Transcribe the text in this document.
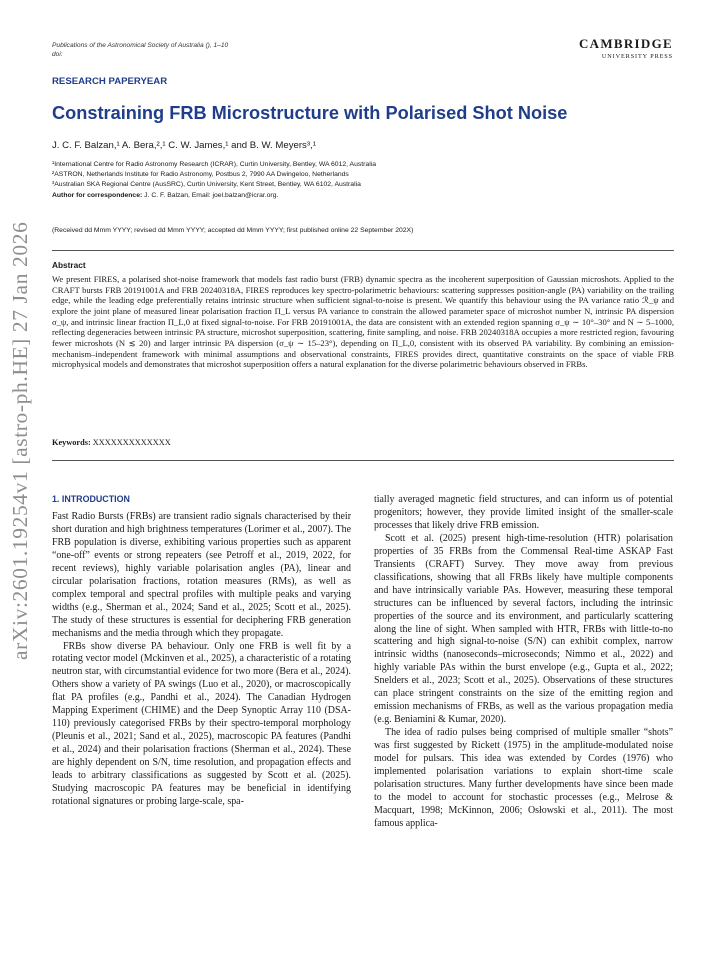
Publications of the Astronomical Society of Australia (), 1–10
doi:
CAMBRIDGE
UNIVERSITY PRESS
arXiv:2601.19254v1 [astro-ph.HE] 27 Jan 2026
RESEARCH PAPERYEAR
Constraining FRB Microstructure with Polarised Shot Noise
J. C. F. Balzan,¹ A. Bera,²,¹ C. W. James,¹ and B. W. Meyers³,¹
¹International Centre for Radio Astronomy Research (ICRAR), Curtin University, Bentley, WA 6012, Australia
²ASTRON, Netherlands Institute for Radio Astronomy, Postbus 2, 7990 AA Dwingeloo, Netherlands
³Australian SKA Regional Centre (AusSRC), Curtin University, Kent Street, Bentley, WA 6102, Australia
Author for correspondence: J. C. F. Balzan, Email: joel.balzan@icrar.org.
(Received dd Mmm YYYY; revised dd Mmm YYYY; accepted dd Mmm YYYY; first published online 22 September 202X)
Abstract
We present FIRES, a polarised shot-noise framework that models fast radio burst (FRB) dynamic spectra as the incoherent superposition of Gaussian microshots. Applied to the CRAFT bursts FRB 20191001A and FRB 20240318A, FIRES reproduces key spectro-polarimetric behaviours: scattering suppresses position-angle (PA) variability on the trailing edge, while the leading edge preferentially retains intrinsic structure when sufficient signal-to-noise is present. We quantify this behaviour using the PA variance ratio ℛ_ψ and explore the joint plane of measured linear polarisation fraction Π_L versus PA variance to constrain the allowed parameter space of microshot number N, intrinsic PA dispersion σ_ψ, and intrinsic linear fraction Π_L,0 at fixed signal-to-noise. For FRB 20191001A, the data are consistent with an extended region spanning σ_ψ ∼ 10°–30° and N ∼ 5–1000, reflecting degeneracies between intrinsic PA structure, microshot superposition, scattering, finite sampling, and noise. FRB 20240318A occupies a more restricted region, favouring fewer microshots (N ≲ 20) and larger intrinsic PA dispersion (σ_ψ ∼ 15–23°), depending on Π_L,0, consistent with its observed PA variability. By combining an emission-mechanism–independent framework with minimal assumptions and observational constraints, FIRES provides direct, quantitative constraints on the space of viable FRB microphysical models and demonstrates that microshot superposition offers a natural explanation for the diverse polarimetric behaviours observed in FRBs.
Keywords: XXXXXXXXXXXXX
1. INTRODUCTION

Fast Radio Bursts (FRBs) are transient radio signals characterised by their short duration and high brightness temperatures (Lorimer et al., 2007). The FRB population is diverse, exhibiting various properties such as apparent “one-off” events or strong repeaters (see Petroff et al., 2019, 2022, for recent reviews), highly variable polarisation angles (PA), linear and circular polarisation fractions, rotation measures (RMs), as well as complex temporal and spectral profiles with multiple peaks and varying widths (e.g., Sherman et al., 2024; Sand et al., 2025; Scott et al., 2025). The study of these structures is essential for deciphering FRB generation mechanisms and the media through which they propagate.

FRBs show diverse PA behaviour. Only one FRB is well fit by a rotating vector model (Mckinven et al., 2025), a characteristic of a rotating neutron star, with circumstantial evidence for two more (Bera et al., 2024). Others show a variety of PA swings (Luo et al., 2020), or macroscopically flat PA profiles (e.g., Pandhi et al., 2024). The Canadian Hydrogen Mapping Experiment (CHIME) and the Deep Synoptic Array 110 (DSA-110) previously categorised FRBs by their spectro-temporal morphology (Pleunis et al., 2021; Sand et al., 2025), macroscopic PA features (Pandhi et al., 2024) and their polarisation fractions (Sherman et al., 2024). These are highly dependent on S/N, time resolution, and propagation effects and leads to arbitrary classifications as suggested by Scott et al. (2025). Studying macroscopic PA features may be beneficial in identifying rotational signatures or probing large-scale, spa-

tially averaged magnetic field structures, and can inform us of potential progenitors; however, they provide limited insight of the smaller-scale processes that likely drive FRB emission.

Scott et al. (2025) present high-time-resolution (HTR) polarisation properties of 35 FRBs from the Commensal Real-time ASKAP Fast Transients (CRAFT) Survey. They move away from previous classifications, showing that all FRBs likely have multiple components and have intrinsically variable PAs. However, measuring these temporal structures can be influenced by several factors, including the intrinsic properties of the source and its environment, and particularly scattering along the line of sight. When sampled with HTR, FRBs with little-to-no scattering and high signal-to-noise (S/N) can exhibit complex, narrow intrinsic widths (nanoseconds–microseconds; Nimmo et al., 2022) and highly variable PAs within the burst envelope (e.g., Gupta et al., 2022; Snelders et al., 2023; Scott et al., 2025). Observations of these structures can place stringent constraints on the size of the emitting region and emission mechanisms of FRBs, as well as the various propagation media (e.g. Beniamini & Kumar, 2020).

The idea of radio pulses being comprised of multiple smaller “shots” was first suggested by Rickett (1975) in the amplitude-modulated noise model for pulsars. This idea was extended by Cordes (1976) who implemented polarisation variations to explain short-time scale polarisation structures. Many further developments have since been made to the model to account for stochastic processes (e.g., Melrose & Macquart, 1998; McKinnon, 2006; Osłowski et al., 2011). The most famous applica-
